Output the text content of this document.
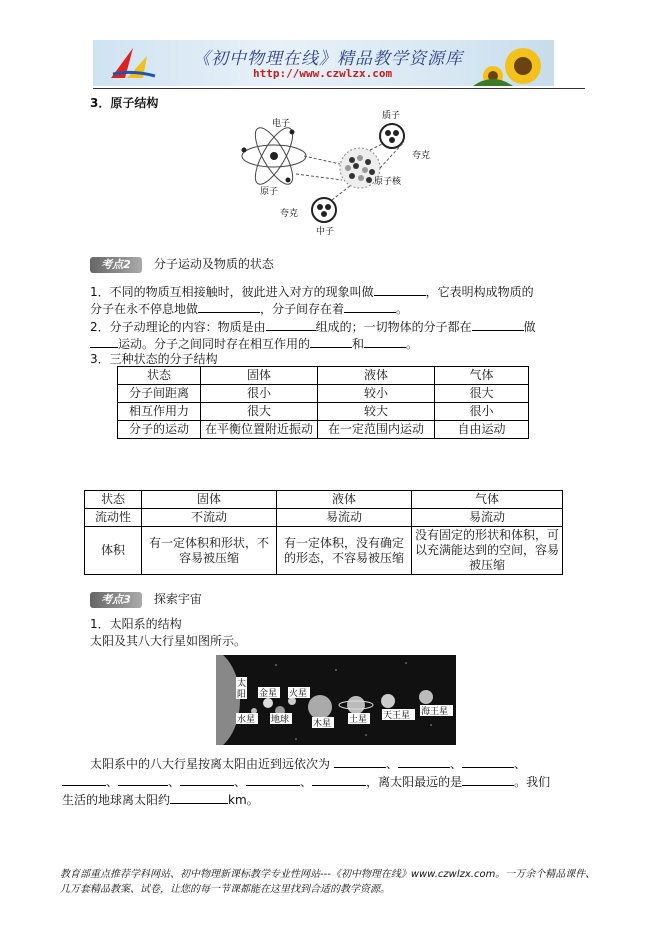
《初中物理在线》精品教学资源库
http://www.czwlzx.com
3．原子结构
电子
质子
夸克
原子
原子核
夸克
中子
考点2 分子运动及物质的状态
1．不同的物质互相接触时，彼此进入对方的现象叫做	，它表明构成物质的
分子在永不停息地做	，分子间存在着	。
2．分子动理论的内容：物质是由	组成的；一切物体的分子都在	做
运动。分子之间同时存在相互作用的	和	。
3．三种状态的分子结构
状态	固体	液体	气体
分子间距离	很小	较小	很大
相互作用力	很大	较大	很小
分子的运动	在平衡位置附近振动	在一定范围内运动	自由运动
状态	固体	液体	气体
流动性	不流动	易流动	易流动
体积	有一定体积和形状，不容易被压缩	有一定体积，没有确定的形态，不容易被压缩	没有固定的形状和体积，可以充满能达到的空间，容易被压缩
考点3 探索宇宙
1．太阳系的结构
太阳及其八大行星如图所示。
太
阳
水星
金星
地球
火星
木星 土星 天王星 海王星
太阳系中的八大行星按离太阳由近到远依次为	、	、	、
、	、	、	、	，离太阳最远的是	。我们
生活的地球离太阳约	km。
教育部重点推荐学科网站、初中物理新课标教学专业性网站---《初中物理在线》www.czwlzx.com。一万余个精品课件、
几万套精品教案、试卷，让您的每一节课都能在这里找到合适的教学资源。
